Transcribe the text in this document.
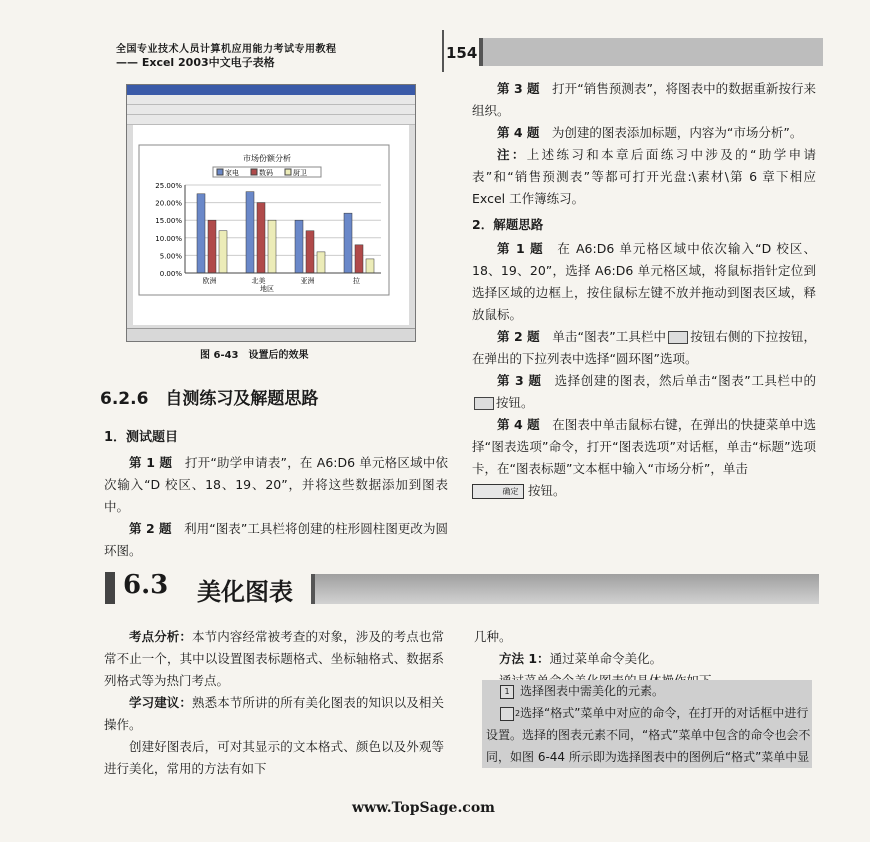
全国专业技术人员计算机应用能力考试专用教程
—— Excel 2003中文电子表格
154
市场份额分析
家电	数码	厨卫
25.00%
20.00%
15.00%
10.00%
5.00%
0.00%
欧洲	北美	亚洲	拉
地区
图 6-43　设置后的效果
6.2.6　自测练习及解题思路
1．测试题目

第 1 题　 打开“助学申请表”，在 A6:D6 单元格区域中依次输入“D 校区、18、19、20”，并将这些数据添加到图表中。

第 2 题　 利用“图表”工具栏将创建的柱形圆柱图更改为圆环图。

第 3 题　 打开“销售预测表”，将图表中的数据重新按行来组织。

第 4 题　 为创建的图表添加标题，内容为“市场分析”。

注：上述练习和本章后面练习中涉及的“助学申请表”和“销售预测表”等都可打开光盘:\素材\第 6 章下相应 Excel 工作簿练习。

2．解题思路

第 1 题　 在 A6:D6 单元格区域中依次输入“D 校区、18、19、20”，选择 A6:D6 单元格区域，将鼠标指针定位到选择区域的边框上，按住鼠标左键不放并拖动到图表区域，释放鼠标。

第 2 题　 单击“图表”工具栏中 按钮右侧的下拉按钮，在弹出的下拉列表中选择“圆环图”选项。

第 3 题　 选择创建的图表，然后单击“图表”工具栏中的按钮。

第 4 题　 在图表中单击鼠标右键，在弹出的快捷菜单中选择“图表选项”命令，打开“图表选项”对话框，单击“标题”选项卡，在“图表标题”文本框中输入“市场分析”，单击
确定 按钮。

6.3 美化图表

考点分析：本节内容经常被考查的对象，涉及的考点也常常不止一个，其中以设置图表标题格式、坐标轴格式、数据系列格式等为热门考点。

学习建议：熟悉本节所讲的所有美化图表的知识以及相关操作。

创建好图表后，可对其显示的文本格式、颜色以及外观等进行美化，常用的方法有如下

几种。

方法 1：通过菜单命令美化。

1 选择图表中需美化的元素。

2选择“格式”菜单中对应的命令，在打开的对话框中进行设置。选择的图表元素不同，“格式”菜单中包含的命令也会不同，如图 6-44 所示即为选择图表中的图例后“格式”菜单中显

www.TopSage.com
